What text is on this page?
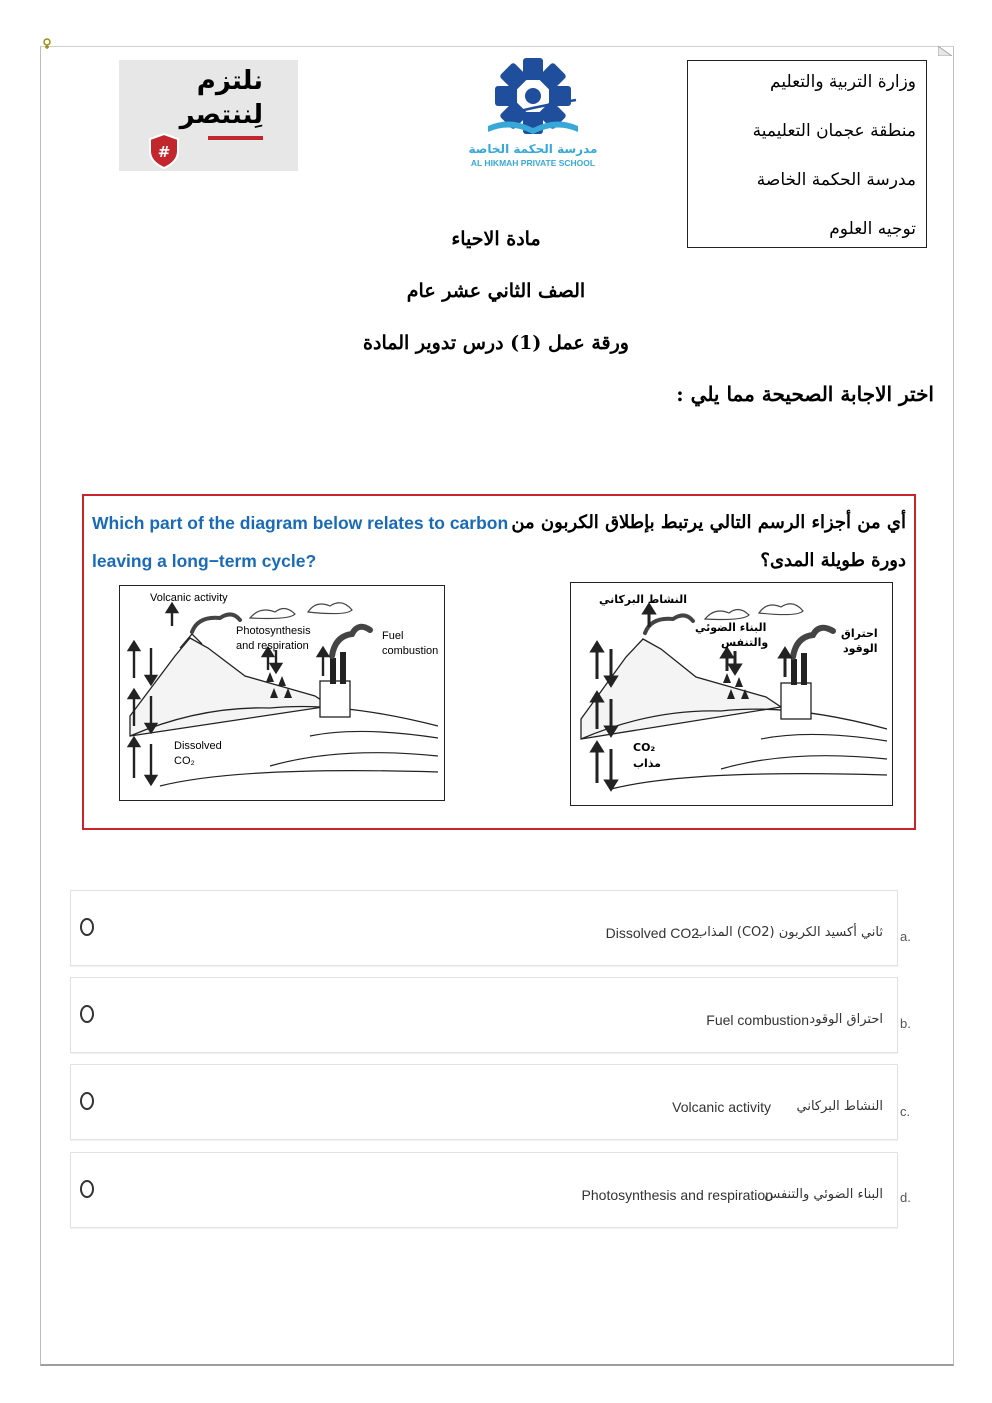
وزارة التربية والتعليم
منطقة عجمان التعليمية
مدرسة الحكمة الخاصة
توجيه العلوم
مدرسة الحكمة الخاصة
AL HIKMAH PRIVATE SCHOOL
نلتزم
لِننتصر
#
مادة الاحياء
الصف الثاني عشر عام
ورقة عمل (1) درس تدوير المادة
اختر الاجابة الصحيحة مما يلي :
Which part of the diagram below relates to carbon leaving a long−term cycle?
أي من أجزاء الرسم التالي يرتبط بإطلاق الكربون من دورة طويلة المدى؟
Volcanic activity
Photosynthesis
and respiration
Fuel
combustion
Dissolved
CO₂
النشاط البركاني
البناء الضوئي
والتنفس
احتراق
الوقود
CO₂
مذاب
Dissolved CO2
ثاني أكسيد الكربون (CO2) المذاب a.
Fuel combustion احتراق الوقود b.
Volcanic activity النشاط البركاني c.
Photosynthesis and respiration
البناء الضوئي والتنفس d.
